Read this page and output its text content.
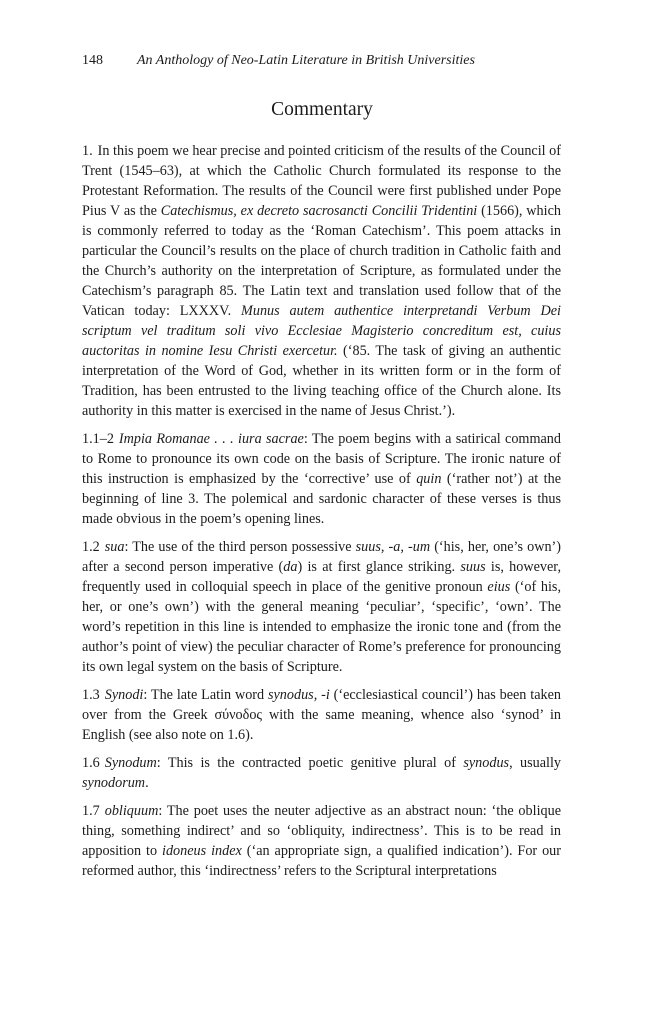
148 An Anthology of Neo-Latin Literature in British Universities
Commentary

1. In this poem we hear precise and pointed criticism of the results of the Council of Trent (1545–63), at which the Catholic Church formulated its response to the Protestant Reformation. The results of the Council were first published under Pope Pius V as the Catechismus, ex decreto sacrosancti Concilii Tridentini (1566), which is commonly referred to today as the ‘Roman Catechism’. This poem attacks in particular the Council’s results on the place of church tradition in Catholic faith and the Church’s authority on the interpretation of Scripture, as formulated under the Catechism’s paragraph 85. The Latin text and translation used follow that of the Vatican today: LXXXV. Munus autem authentice interpretandi Verbum Dei scriptum vel traditum soli vivo Ecclesiae Magisterio concreditum est, cuius auctoritas in nomine Iesu Christi exercetur. (‘85. The task of giving an authentic interpretation of the Word of God, whether in its written form or in the form of Tradition, has been entrusted to the living teaching office of the Church alone. Its authority in this matter is exercised in the name of Jesus Christ.’).

1.1–2 Impia Romanae . . . iura sacrae: The poem begins with a satirical command to Rome to pronounce its own code on the basis of Scripture. The ironic nature of this instruction is emphasized by the ‘corrective’ use of quin (‘rather not’) at the beginning of line 3. The polemical and sardonic character of these verses is thus made obvious in the poem’s opening lines.

1.2 sua: The use of the third person possessive suus, -a, -um (‘his, her, one’s own’) after a second person imperative (da) is at first glance striking. suus is, however, frequently used in colloquial speech in place of the genitive pronoun eius (‘of his, her, or one’s own’) with the general meaning ‘peculiar’, ‘specific’, ‘own’. The word’s repetition in this line is intended to emphasize the ironic tone and (from the author’s point of view) the peculiar character of Rome’s preference for pronouncing its own legal system on the basis of Scripture.

1.3 Synodi: The late Latin word synodus, -i (‘ecclesiastical council’) has been taken over from the Greek σύνοδος with the same meaning, whence also ‘synod’ in English (see also note on 1.6).

1.6 Synodum: This is the contracted poetic genitive plural of synodus, usually synodorum.

1.7 obliquum: The poet uses the neuter adjective as an abstract noun: ‘the oblique thing, something indirect’ and so ‘obliquity, indirectness’. This is to be read in apposition to idoneus index (‘an appropriate sign, a qualified indication’). For our reformed author, this ‘indirectness’ refers to the Scriptural interpretations
